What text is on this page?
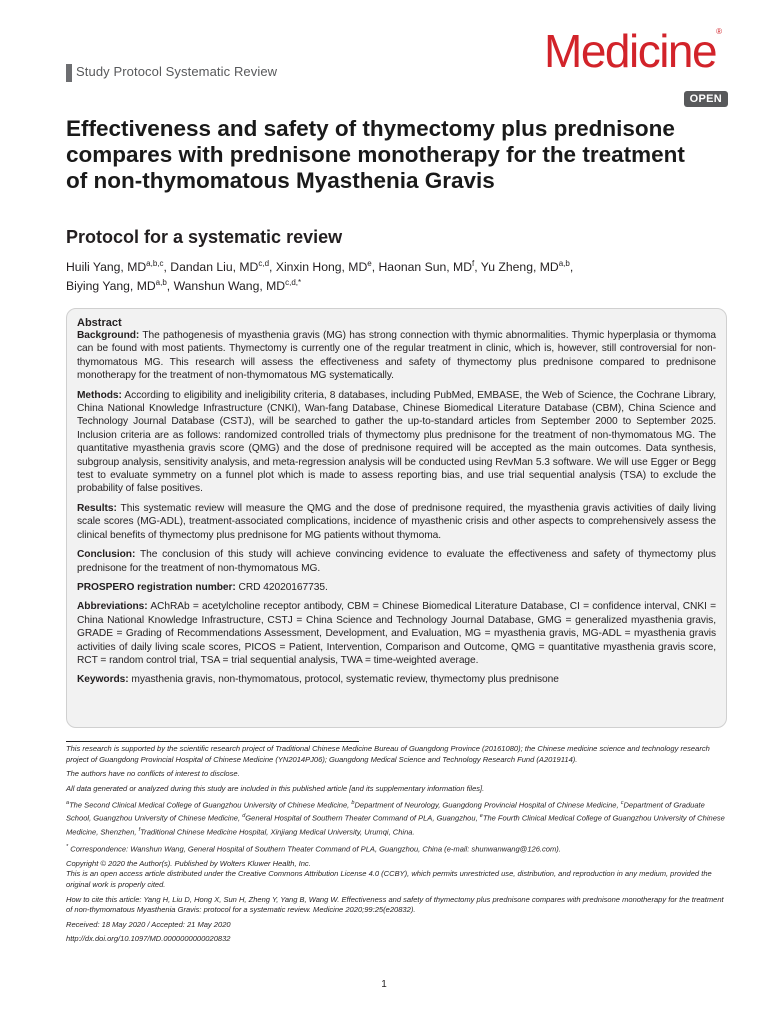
Study Protocol Systematic Review	Medicine®
OPEN
Effectiveness and safety of thymectomy plus prednisone compares with prednisone monotherapy for the treatment of non-thymomatous Myasthenia Gravis
Protocol for a systematic review
Huili Yang, MD$^{a,b,c}$, Dandan Liu, MD$^{c,d}$, Xinxin Hong, MDe, Haonan Sun, $MD^f$, Yu Zheng, MD$^{a,b}$,
Biying Yang, MD$^{a,b}$, Wanshun Wang, $MD^{c,d,*}$

Abstract

Background: The pathogenesis of myasthenia gravis (MG) has strong connection with thymic abnormalities. Thymic hyperplasia or thymoma can be found with most patients. Thymectomy is currently one of the regular treatment in clinic, which is, however, still controversial for non-thymomatous MG. This research will assess the effectiveness and safety of thymectomy plus prednisone compared to prednisone monotherapy for the treatment of non-thymomatous MG systematically.

Methods: According to eligibility and ineligibility criteria, 8 databases, including PubMed, EMBASE, the Web of Science, the Cochrane Library, China National Knowledge Infrastructure (CNKI), Wan-fang Database, Chinese Biomedical Literature Database (CBM), China Science and Technology Journal Database (CSTJ), will be searched to gather the up-to-standard articles from September 2000 to September 2025. Inclusion criteria are as follows: randomized controlled trials of thymectomy plus prednisone for the treatment of non-thymomatous MG. The quantitative myasthenia gravis score (QMG) and the dose of prednisone required will be accepted as the main outcomes. Data synthesis, subgroup analysis, sensitivity analysis, and meta-regression analysis will be conducted using RevMan 5.3 software. We will use Egger or Begg test to evaluate symmetry on a funnel plot which is made to assess reporting bias, and use trial sequential analysis (TSA) to exclude the probability of false positives.

Results: This systematic review will measure the QMG and the dose of prednisone required, the myasthenia gravis activities of daily living scale scores (MG-ADL), treatment-associated complications, incidence of myasthenic crisis and other aspects to comprehensively assess the clinical benefits of thymectomy plus prednisone for MG patients without thymoma.

Conclusion: The conclusion of this study will achieve convincing evidence to evaluate the effectiveness and safety of thymectomy plus prednisone for the treatment of non-thymomatous MG.

PROSPERO registration number: CRD 42020167735.

Abbreviations: AChRAb = acetylcholine receptor antibody, CBM = Chinese Biomedical Literature Database, CI = confidence interval, CNKI = China National Knowledge Infrastructure, CSTJ = China Science and Technology Journal Database, GMG = generalized myasthenia gravis, GRADE = Grading of Recommendations Assessment, Development, and Evaluation, MG = myasthenia gravis, MG-ADL = myasthenia gravis activities of daily living scale scores, PICOS = Patient, Intervention, Comparison and Outcome, QMG = quantitative myasthenia gravis score, RCT = random control trial, TSA = trial sequential analysis, TWA = time-weighted average.

Keywords: myasthenia gravis, non-thymomatous, protocol, systematic review, thymectomy plus prednisone

This research is supported by the scientific research project of Traditional Chinese Medicine Bureau of Guangdong Province (20161080); the Chinese medicine science and technology research project of Guangdong Provincial Hospital of Chinese Medicine (YN2014PJ06); Guangdong Medical Science and Technology Research Fund (A2019114).

The authors have no conflicts of interest to disclose.

All data generated or analyzed during this study are included in this published article [and its supplementary information files].

$^a$The Second Clinical Medical College of Guangzhou University of Chinese Medicine, $^b$Department of Neurology, Guangdong Provincial Hospital of Chinese Medicine, $^c$Department of Graduate School, Guangzhou University of Chinese Medicine, $^d$General Hospital of Southern Theater Command of PLA, Guangzhou, $^e$The Fourth Clinical Medical College of Guangzhou University of Chinese Medicine, Shenzhen, $^f$Traditional Chinese Medicine Hospital, Xinjiang Medical University, Urumqi, China.

* Correspondence: Wanshun Wang, General Hospital of Southern Theater Command of PLA, Guangzhou, China (e-mail: shunwanwang@126.com).

Copyright © 2020 the Author(s). Published by Wolters Kluwer Health, Inc.
This is an open access article distributed under the Creative Commons Attribution License 4.0 (CCBY), which permits unrestricted use, distribution, and reproduction in any medium, provided the original work is properly cited.

How to cite this article: Yang H, Liu D, Hong X, Sun H, Zheng Y, Yang B, Wang W. Effectiveness and safety of thymectomy plus prednisone compares with prednisone monotherapy for the treatment of non-thymomatous Myasthenia Gravis: protocol for a systematic review. Medicine 2020;99:25(e20832).

Received: 18 May 2020 / Accepted: 21 May 2020

http://dx.doi.org/10.1097/MD.0000000000020832

1
